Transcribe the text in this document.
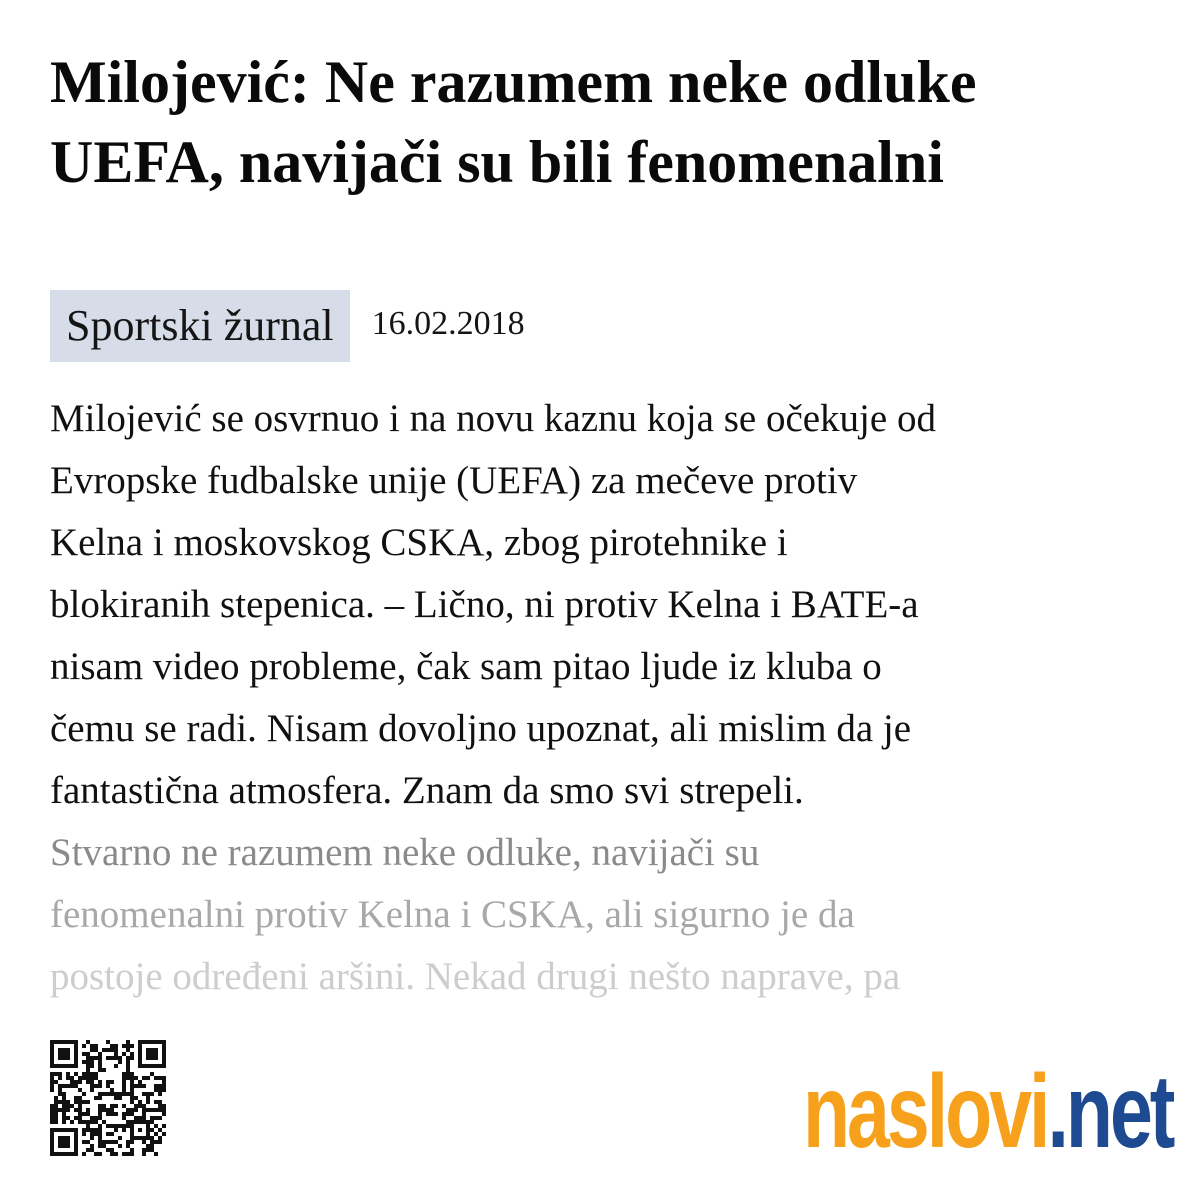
Milojević: Ne razumem neke odluke UEFA, navijači su bili fenomenalni
Sportski žurnal	16.02.2018
Milojević se osvrnuo i na novu kaznu koja se očekuje od
Evropske fudbalske unije (UEFA) za mečeve protiv
Kelna i moskovskog CSKA, zbog pirotehnike i
blokiranih stepenica. – Lično, ni protiv Kelna i BATE-a
nisam video probleme, čak sam pitao ljude iz kluba o
čemu se radi. Nisam dovoljno upoznat, ali mislim da je
fantastična atmosfera. Znam da smo svi strepeli.
Stvarno ne razumem neke odluke, navijači su
fenomenalni protiv Kelna i CSKA, ali sigurno je da
postoje određeni aršini. Nekad drugi nešto naprave, pa
naslovi .net
